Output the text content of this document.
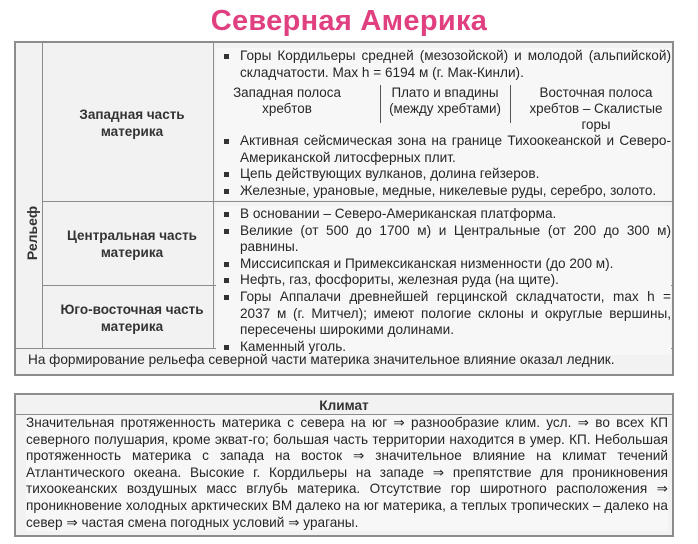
Северная Америка
Рельеф
Западная часть материка
Горы Кордильеры средней (мезозойской) и молодой (альпийской) складчатости. Max h = 6194 м (г. Мак-Кинли).
Западная полоса хребтов
Плато и впадины (между хребтами)
Восточная полоса хребтов – Скалистые горы
Активная сейсмическая зона на границе Тихоокеанской и Северо-Американской литосферных плит.
Цепь действующих вулканов, долина гейзеров.
Железные, урановые, медные, никелевые руды, серебро, золото.
Центральная часть материка
В основании – Северо-Американская платформа.
Великие (от 500 до 1700 м) и Центральные (от 200 до 300 м) равнины.
Миссисипская и Примексиканская низменности (до 200 м).
Нефть, газ, фосфориты, железная руда (на щите).
Юго-восточная часть материка
Горы Аппалачи древнейшей герцинской складчатости, max h = 2037 м (г. Митчел); имеют пологие склоны и округлые вершины, пересечены широкими долинами.
Каменный уголь.
На формирование рельефа северной части материка значительное влияние оказал ледник.
Климат
Значительная протяженность материка с севера на юг ⇒ разнообразие клим. усл. ⇒ во всех КП северного полушария, кроме экват-го; большая часть территории находится в умер. КП. Небольшая протяженность материка с запада на восток ⇒ значительное влияние на климат течений Атлантического океана. Высокие г. Кордильеры на западе ⇒ препятствие для проникновения тихоокеанских воздушных масс вглубь материка. Отсутствие гор широтного расположения ⇒ проникновение холодных арктических ВМ далеко на юг материка, а теплых тропических – далеко на север ⇒ частая смена погодных условий ⇒ ураганы.
